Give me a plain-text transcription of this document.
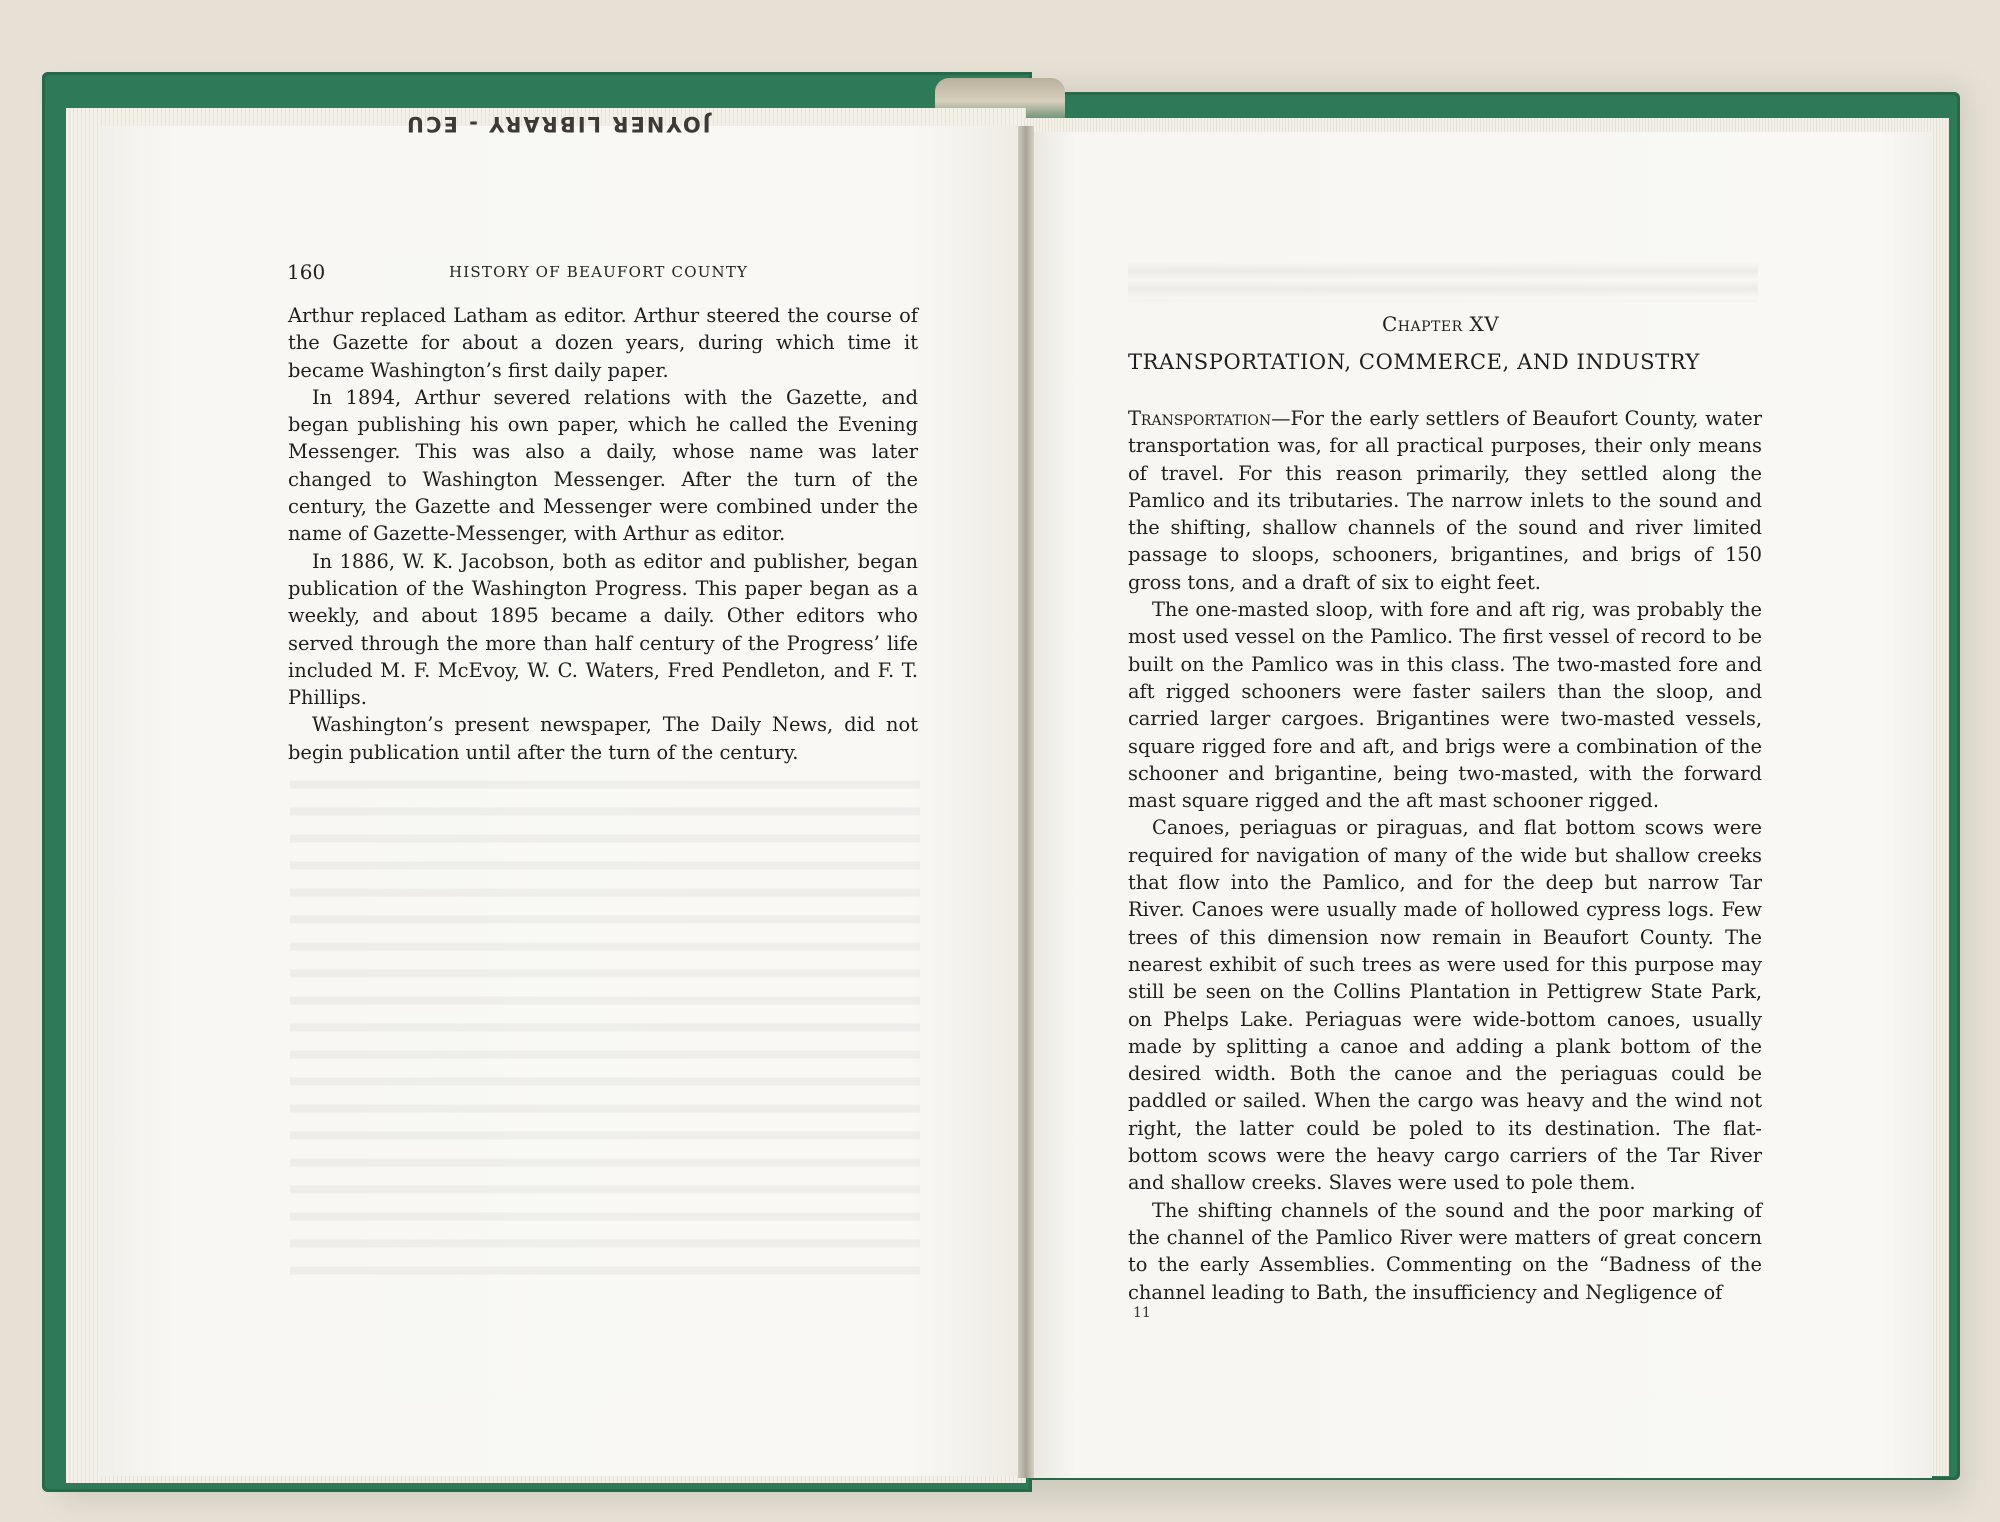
JOYNER LIBRARY - ECU
160	HISTORY OF BEAUFORT COUNTY

Arthur replaced Latham as editor. Arthur steered the course of the Gazette for about a dozen years, during which time it became Washington’s first daily paper.

In 1894, Arthur severed relations with the Gazette, and began publishing his own paper, which he called the Evening Messenger. This was also a daily, whose name was later changed to Washington Messenger. After the turn of the century, the Gazette and Messenger were combined under the name of Gazette-Messenger, with Arthur as editor.

In 1886, W. K. Jacobson, both as editor and publisher, began publication of the Washington Progress. This paper began as a weekly, and about 1895 became a daily. Other editors who served through the more than half century of the Progress’ life included M. F. McEvoy, W. C. Waters, Fred Pendleton, and F. T. Phillips.

Washington’s present newspaper, The Daily News, did not begin publication until after the turn of the century.

Chapter XV
TRANSPORTATION, COMMERCE, AND INDUSTRY

Transportation—For the early settlers of Beaufort County, water transportation was, for all practical purposes, their only means of travel. For this reason primarily, they settled along the Pamlico and its tributaries. The narrow inlets to the sound and the shifting, shallow channels of the sound and river limited passage to sloops, schooners, brigantines, and brigs of 150 gross tons, and a draft of six to eight feet.

The one-masted sloop, with fore and aft rig, was probably the most used vessel on the Pamlico. The first vessel of record to be built on the Pamlico was in this class. The two-masted fore and aft rigged schooners were faster sailers than the sloop, and carried larger cargoes. Brigantines were two-masted vessels, square rigged fore and aft, and brigs were a combination of the schooner and brigantine, being two-masted, with the forward mast square rigged and the aft mast schooner rigged.

Canoes, periaguas or piraguas, and flat bottom scows were required for navigation of many of the wide but shallow creeks that flow into the Pamlico, and for the deep but narrow Tar River. Canoes were usually made of hollowed cypress logs. Few trees of this dimension now remain in Beaufort County. The nearest exhibit of such trees as were used for this purpose may still be seen on the Collins Plantation in Pettigrew State Park, on Phelps Lake. Periaguas were wide-bottom canoes, usually made by splitting a canoe and adding a plank bottom of the desired width. Both the canoe and the periaguas could be paddled or sailed. When the cargo was heavy and the wind not right, the latter could be poled to its destination. The flat-bottom scows were the heavy cargo carriers of the Tar River and shallow creeks. Slaves were used to pole them.

The shifting channels of the sound and the poor marking of the channel of the Pamlico River were matters of great concern to the early Assemblies. Commenting on the “Badness of the channel leading to Bath, the insufficiency and Negligence of

11
